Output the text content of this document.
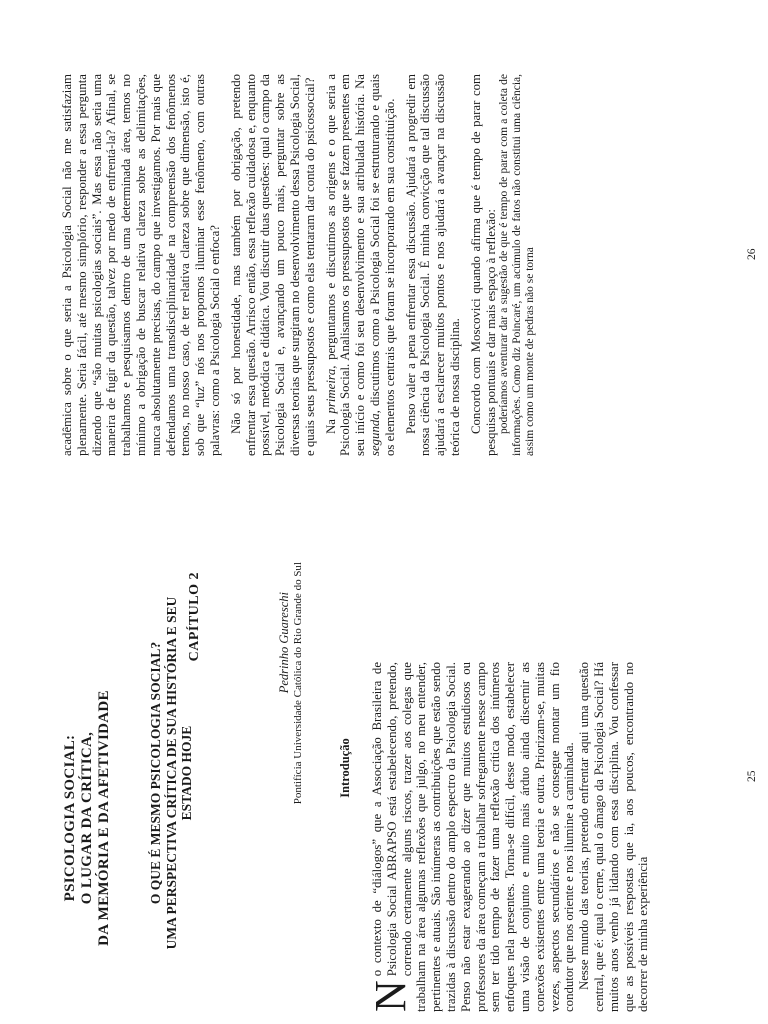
CAPÍTULO 2
PSICOLOGIA SOCIAL:
O LUGAR DA CRÍTICA,
DA MEMÓRIA E DA AFETIVIDADE	O QUE É MESMO PSICOLOGIA SOCIAL?
UMA PERSPECTIVA CRÍTICA DE SUA HISTÓRIA E SEU
ESTADO HOJE

Pedrinho Guareschi Pontifícia Universidade Católica do Rio Grande do Sul	Introdução

N
o contexto de “diálogos” que a Associação Brasileira de Psicologia Social ABRAPSO está estabelecendo, pretendo, correndo certamente alguns riscos, trazer aos colegas que trabalham na área algumas reflexões que julgo, no meu entender, pertinentes e atuais. São inúmeras as contribuições que estão sendo trazidas à discussão dentro do amplo espectro da Psicologia Social. Penso não estar exagerando ao dizer que muitos estudiosos ou professores da área começam a trabalhar sofregamente nesse campo sem ter tido tempo de fazer uma reflexão crítica dos inúmeros enfoques nela presentes. Torna-se difícil, desse modo, estabelecer uma visão de conjunto e muito mais árduo ainda discernir as conexões existentes entre uma teoria e outra. Priorizam-se, muitas vezes, aspectos secundários e não se consegue montar um fio condutor que nos oriente e nos ilumine a caminhada. Nesse mundo das teorias, pretendo enfrentar aqui uma questão central, que é: qual o cerne, qual o âmago da Psicologia Social? Há muitos anos venho já lidando com essa disciplina. Vou confessar que as possíveis respostas que ia, aos poucos, encontrando no decorrer de minha experiência

25

acadêmica sobre o que seria a Psicologia Social não me satisfaziam plenamente. Seria fácil, até mesmo simplório, responder a essa pergunta dizendo que “são muitas psicologias sociais”. Mas essa não seria uma maneira de fugir da questão, talvez por medo de enfrentá-la? Afinal, se trabalhamos e pesquisamos dentro de uma determinada área, temos no mínimo a obrigação de buscar relativa clareza sobre as delimitações, nunca absolutamente precisas, do campo que investigamos. Por mais que defendamos uma transdisciplinaridade na compreensão dos fenômenos temos, no nosso caso, de ter relativa clareza sobre que dimensão, isto é, sob que “luz” nós nos propomos iluminar esse fenômeno, com outras palavras: como a Psicologia Social o enfoca? Não só por honestidade, mas também por obrigação, pretendo enfrentar essa questão. Arrisco então, essa reflexão cuidadosa e, enquanto possível, metódica e didática. Vou discutir duas questões: qual o campo da Psicologia Social e, avançando um pouco mais, perguntar sobre as diversas teorias que surgiram no desenvolvimento dessa Psicologia Social, e quais seus pressupostos e como elas tentaram dar conta do psicossocial? Na primeira, perguntamos e discutimos as origens e o que seria a Psicologia Social. Analisamos os pressupostos que se fazem presentes em seu início e como foi seu desenvolvimento e sua atribulada história. Na segunda, discutimos como a Psicologia Social foi se estruturando e quais os elementos centrais que foram se incorporando em sua constituição. Penso valer a pena enfrentar essa discussão. Ajudará a progredir em nossa ciência da Psicologia Social. É minha convicção que tal discussão ajudará a esclarecer muitos pontos e nos ajudará a avançar na discussão teórica de nossa disciplina. Concordo com Moscovici quando afirma que é tempo de parar com pesquisas pontuais e dar mais espaço à reflexão: poderíamos aventurar dar a sugestão de que é tempo de parar com a coleta de informações. Como diz Poincaré, um acúmulo de fatos não constitui uma ciência, assim como um monte de pedras não se torna	26
